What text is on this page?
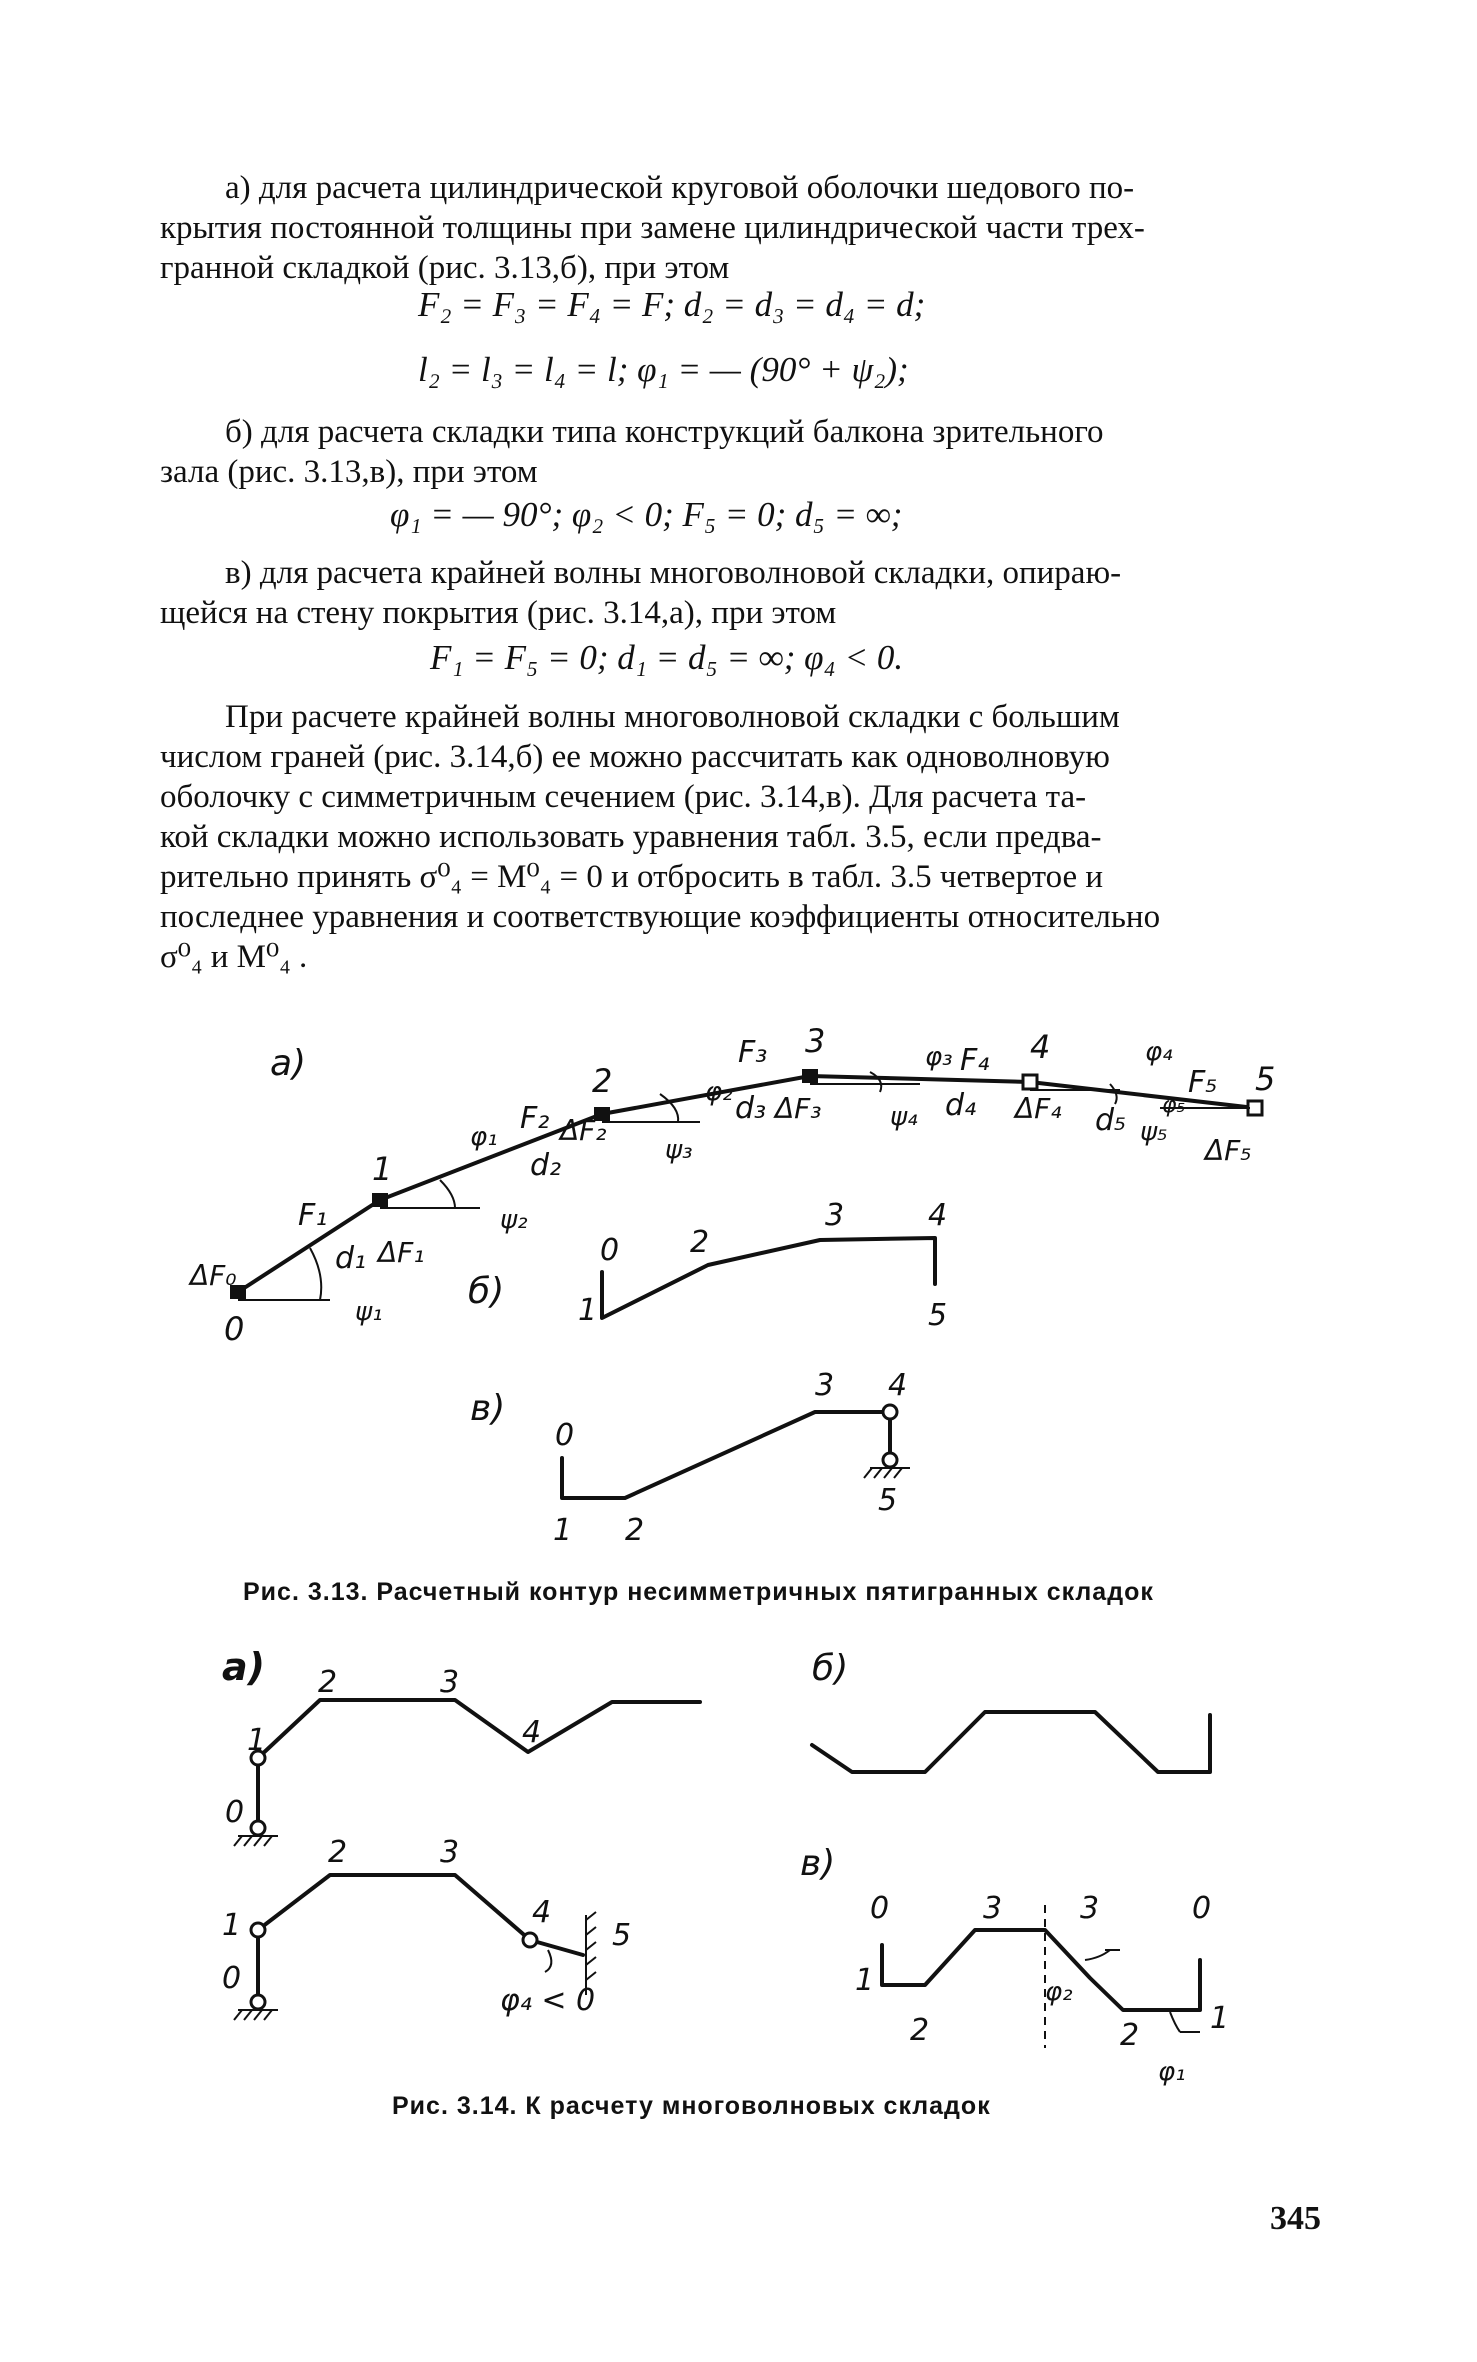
а) для расчета цилиндрической круговой оболочки шедового по-
крытия постоянной толщины при замене цилиндрической части трех-
гранной складкой (рис. 3.13,б), при этом
F₂ = F₃ = F₄ = F; d₂ = d₃ = d₄ = d;
l₂ = l₃ = l₄ = l; φ₁ = — (90° + ψ₂);
б) для расчета складки типа конструкций балкона зрительного
зала (рис. 3.13,в), при этом
φ₁ = — 90°; φ₂ < 0; F₅ = 0; d₅ = ∞;
в) для расчета крайней волны многоволновой складки, опираю-
щейся на стену покрытия (рис. 3.14,а), при этом
F₁ = F₅ = 0; d₁ = d₅ = ∞; φ₄ < 0.
При расчете крайней волны многоволновой складки с большим
числом граней (рис. 3.14,б) ее можно рассчитать как одноволновую
оболочку с симметричным сечением (рис. 3.14,в). Для расчета та-
кой складки можно использовать уравнения табл. 3.5, если предва-
рительно принять σ⁰₄ = M⁰₄ = 0 и отбросить в табл. 3.5 четвертое и
последнее уравнения и соответствующие коэффициенты относительно
σ⁰₄ и M⁰₄ .
а)
0
1
2
3	4
5
F₁
d₁
F₂
d₂
F₃
d₃
F₄
d₄
F₅
d₅
ΔF₀
ΔF₁
ΔF₂
ΔF₃	ΔF₄
ΔF₅
ψ₁
φ₁
ψ₂
φ₂
ψ₃
φ₃
ψ₄
φ₄
ψ₅
φ₅
б)
0
1
2
3	4
5
в)
0
1 2
3 4
5
а)
0
1
2	3
4
0
1
2	3
4
5
φ₄ < 0
б)
в)
0
1
2
3	3
2 1
0
φ₂
φ₁
Рис. 3.13. Расчетный контур несимметричных пятигранных складок
Рис. 3.14. К расчету многоволновых складок
345
